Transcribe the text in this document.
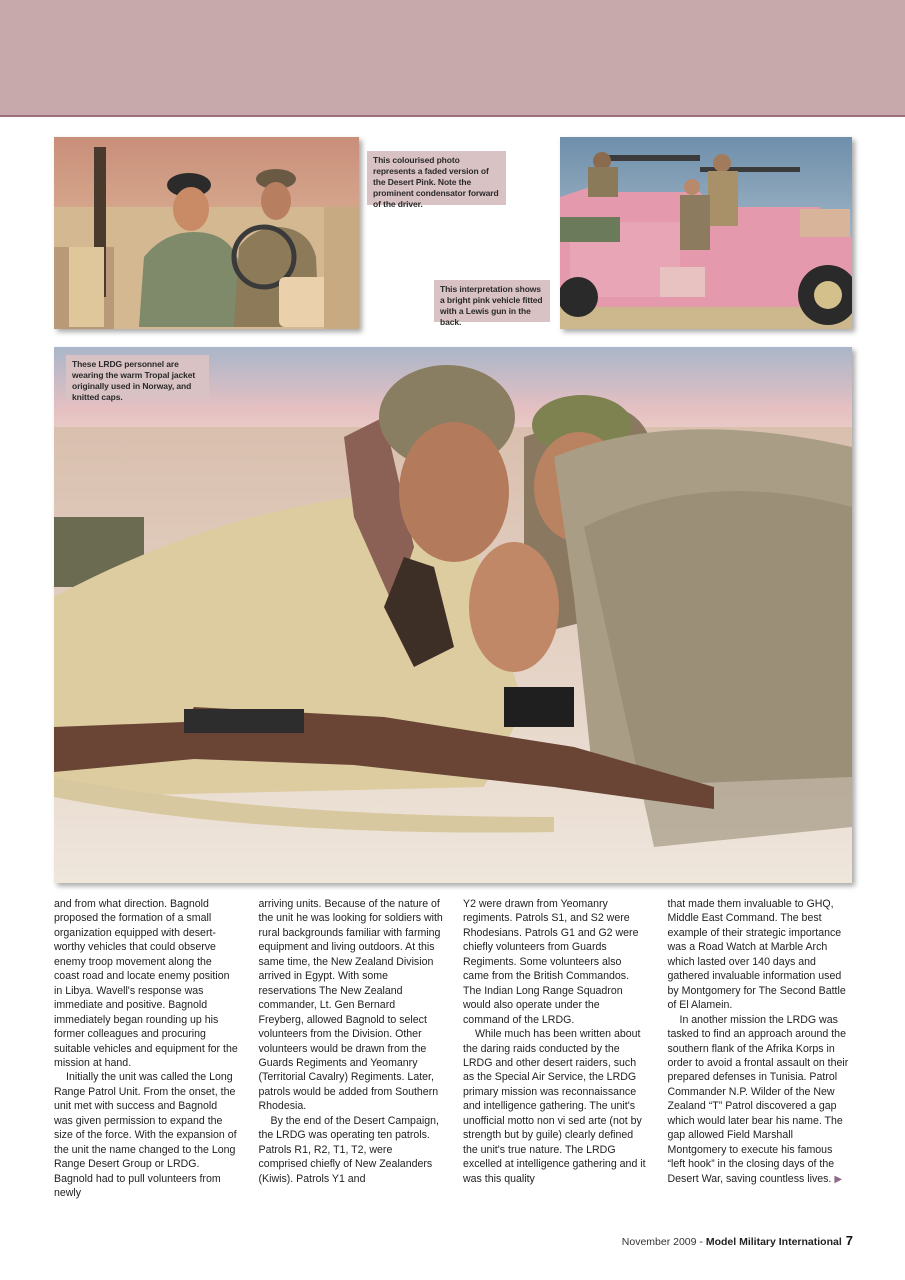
This colourised photo represents a faded version of the Desert Pink. Note the prominent condensator forward of the driver.
This interpretation shows a bright pink vehicle fitted with a Lewis gun in the back.
These LRDG personnel are wearing the warm Tropal jacket originally used in Norway, and knitted caps.

and from what direction. Bagnold proposed the formation of a small organization equipped with desert-worthy vehicles that could observe enemy troop movement along the coast road and locate enemy position in Libya. Wavell's response was immediate and positive. Bagnold immediately began rounding up his former colleagues and procuring suitable vehicles and equipment for the mission at hand.

Initially the unit was called the Long Range Patrol Unit. From the onset, the unit met with success and Bagnold was given permission to expand the size of the force. With the expansion of the unit the name changed to the Long Range Desert Group or LRDG. Bagnold had to pull volunteers from newly

arriving units. Because of the nature of the unit he was looking for soldiers with rural backgrounds familiar with farming equipment and living outdoors. At this same time, the New Zealand Division arrived in Egypt. With some reservations The New Zealand commander, Lt. Gen Bernard Freyberg, allowed Bagnold to select volunteers from the Division. Other volunteers would be drawn from the Guards Regiments and Yeomanry (Territorial Cavalry) Regiments. Later, patrols would be added from Southern Rhodesia.

By the end of the Desert Campaign, the LRDG was operating ten patrols. Patrols R1, R2, T1, T2, were comprised chiefly of New Zealanders (Kiwis). Patrols Y1 and

Y2 were drawn from Yeomanry regiments. Patrols S1, and S2 were Rhodesians. Patrols G1 and G2 were chiefly volunteers from Guards Regiments. Some volunteers also came from the British Commandos. The Indian Long Range Squadron would also operate under the command of the LRDG.

While much has been written about the daring raids conducted by the LRDG and other desert raiders, such as the Special Air Service, the LRDG primary mission was reconnaissance and intelligence gathering. The unit's unofficial motto non vi sed arte (not by strength but by guile) clearly defined the unit's true nature. The LRDG excelled at intelligence gathering and it was this quality

that made them invaluable to GHQ, Middle East Command. The best example of their strategic importance was a Road Watch at Marble Arch which lasted over 140 days and gathered invaluable information used by Montgomery for The Second Battle of El Alamein.

In another mission the LRDG was tasked to find an approach around the southern flank of the Afrika Korps in order to avoid a frontal assault on their prepared defenses in Tunisia. Patrol Commander N.P. Wilder of the New Zealand “T” Patrol discovered a gap which would later bear his name. The gap allowed Field Marshall Montgomery to execute his famous “left hook” in the closing days of the Desert War, saving countless lives. ▶

November 2009 - Model Military International 7
